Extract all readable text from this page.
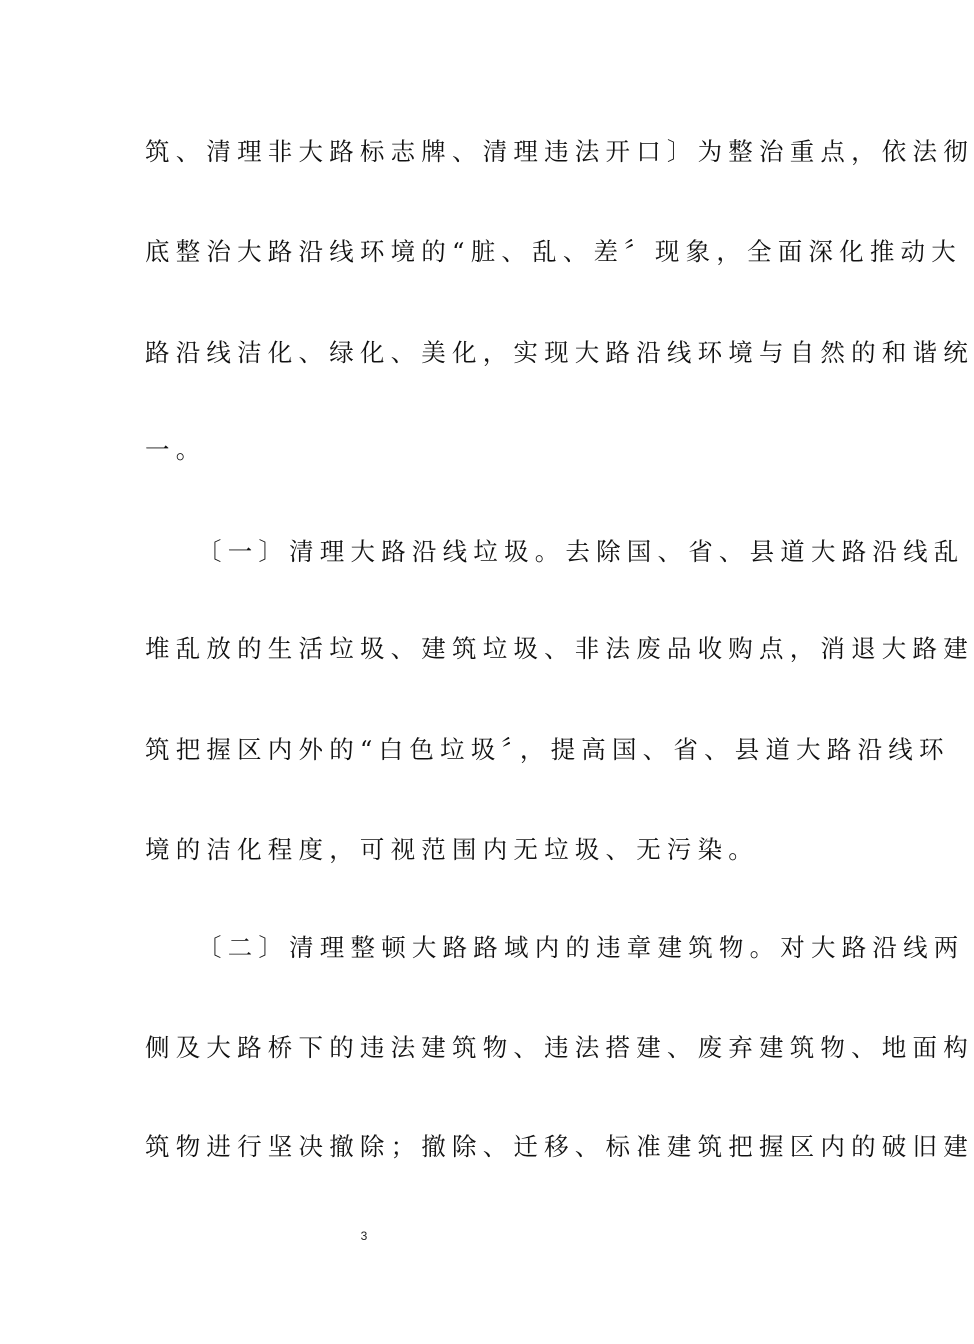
筑、清理非大路标志牌、清理违法开口〕为整治重点，依法彻
底整治大路沿线环境的“脏、乱、差〞现象，全面深化推动大
路沿线洁化、绿化、美化，实现大路沿线环境与自然的和谐统
一。
〔一〕清理大路沿线垃圾。去除国、省、县道大路沿线乱
堆乱放的生活垃圾、建筑垃圾、非法废品收购点，消退大路建
筑把握区内外的“白色垃圾〞，提高国、省、县道大路沿线环
境的洁化程度，可视范围内无垃圾、无污染。
〔二〕清理整顿大路路域内的违章建筑物。对大路沿线两
侧及大路桥下的违法建筑物、违法搭建、废弃建筑物、地面构
筑物进行坚决撤除；撤除、迁移、标准建筑把握区内的破旧建
3
